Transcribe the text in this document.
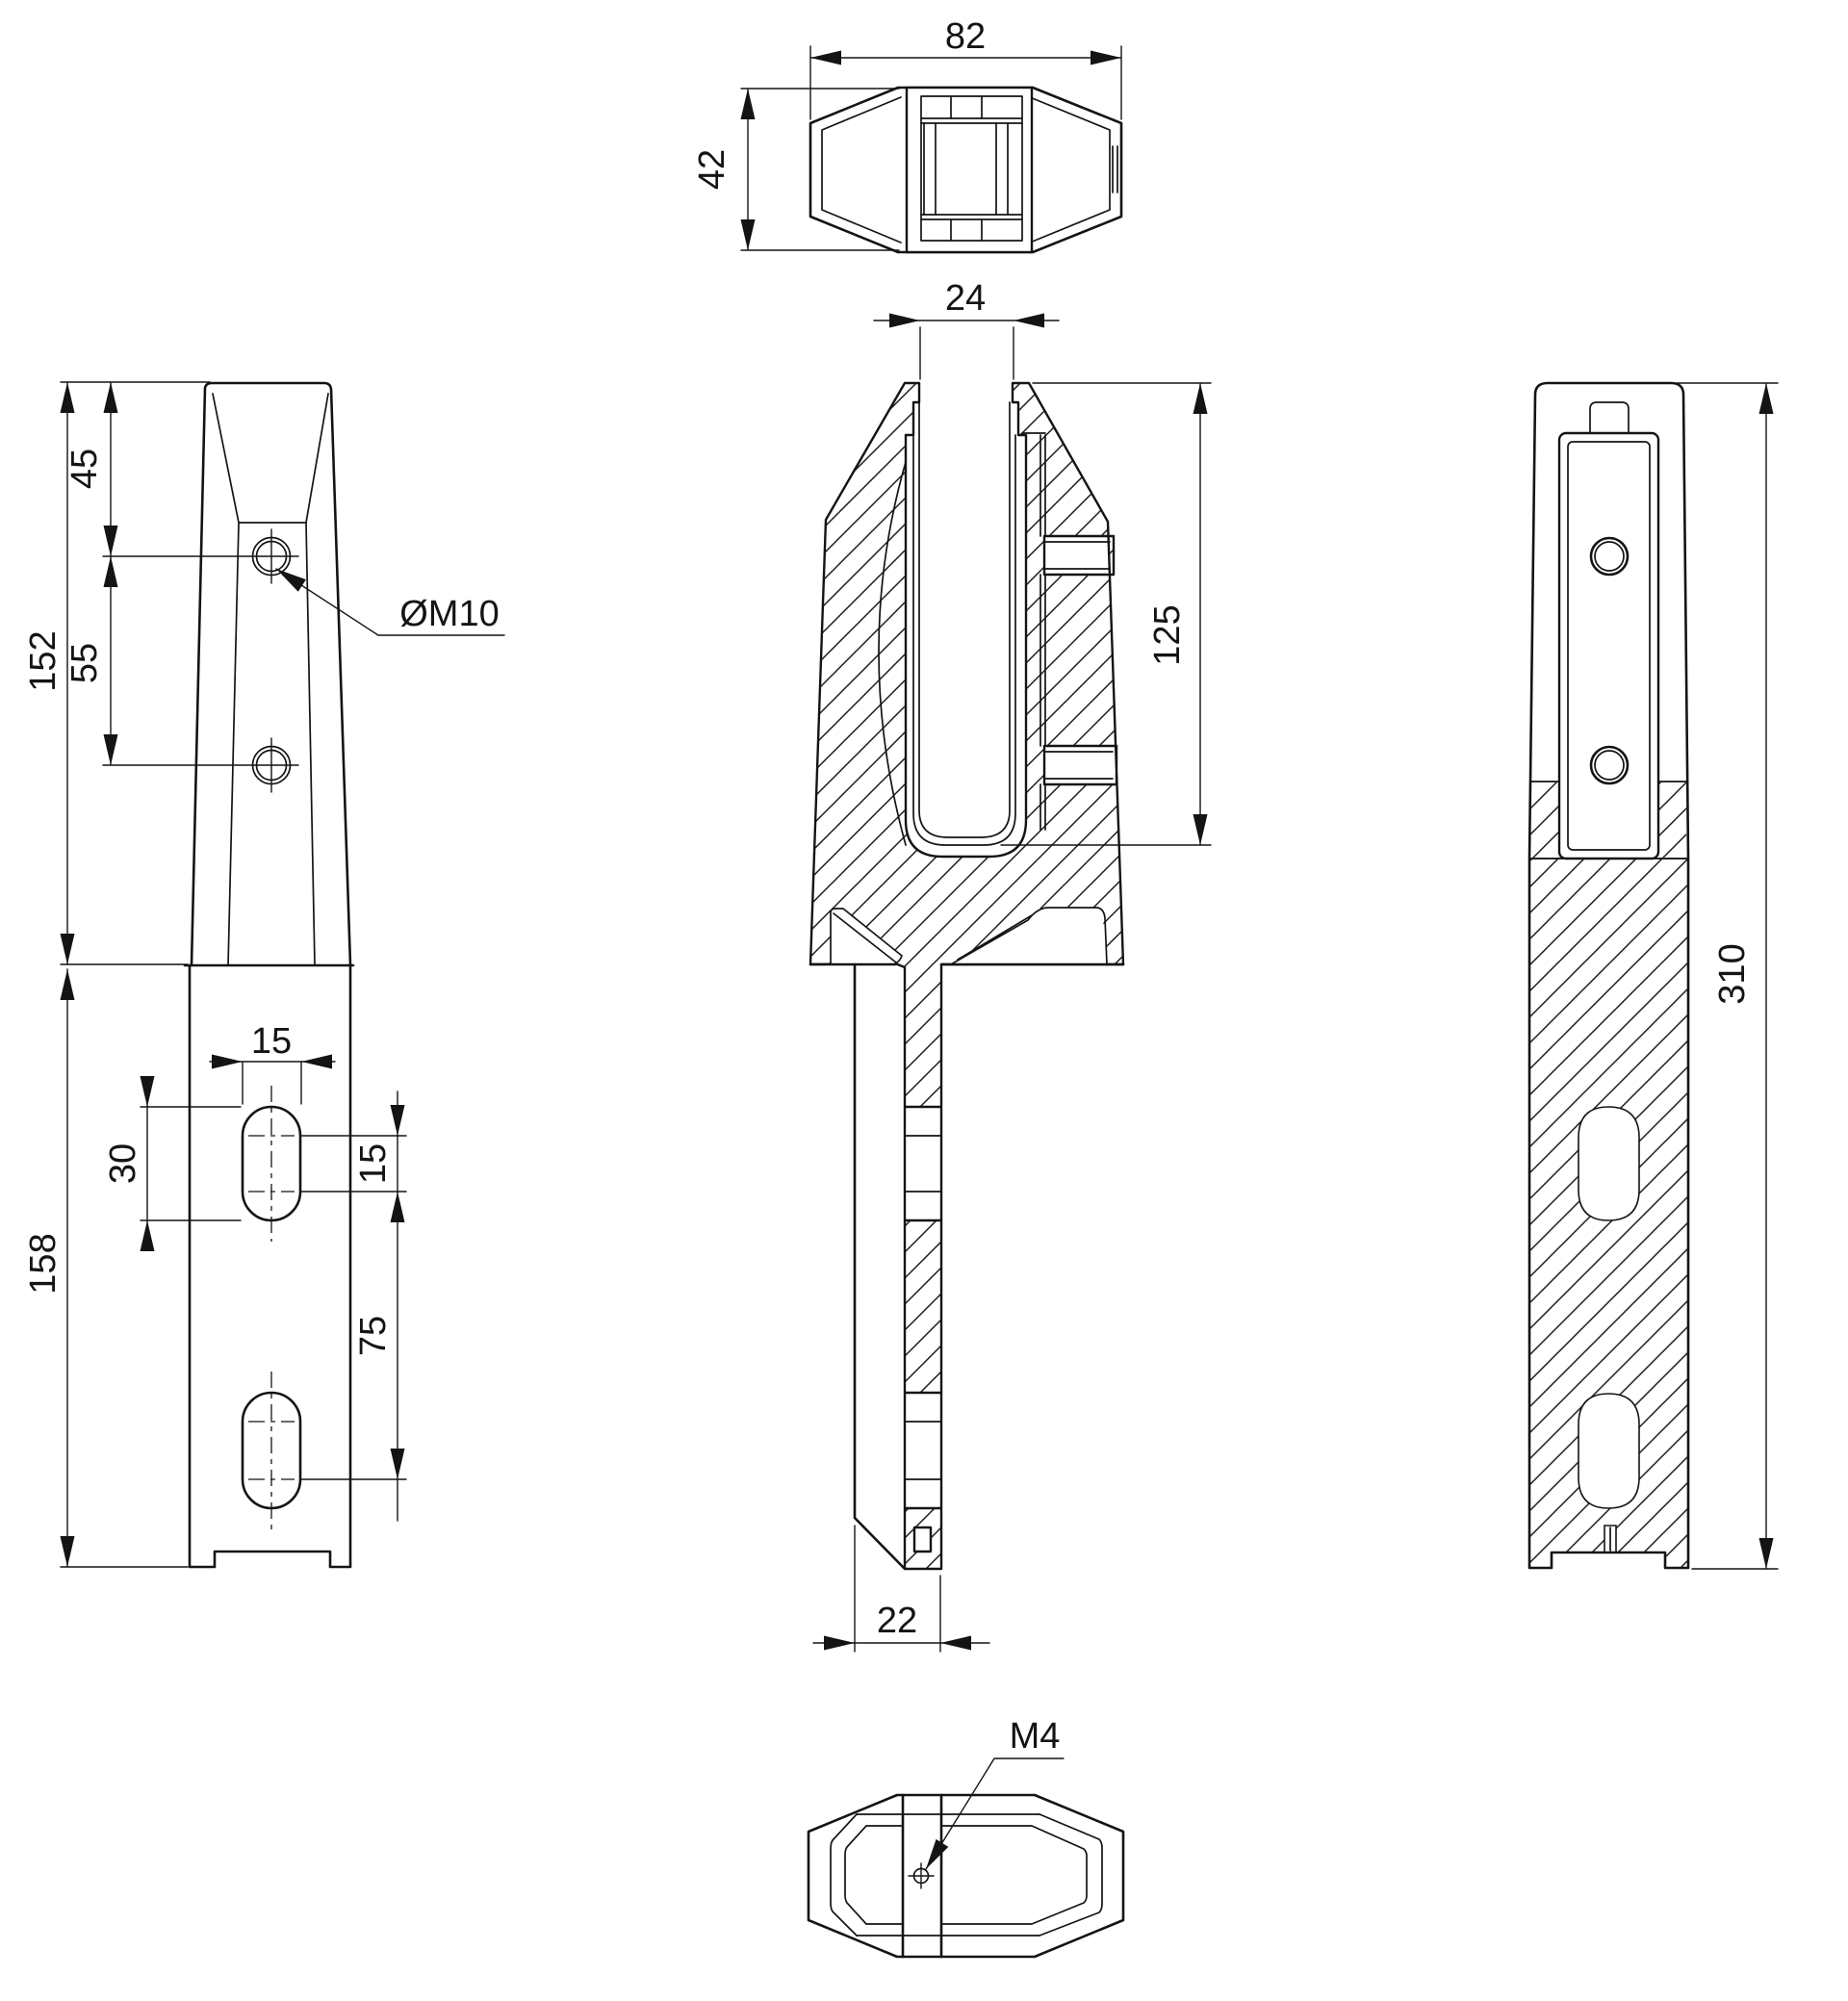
82
42
152
45
55
158
15
30	15
75
ØM10
24
125
22
310
M4
